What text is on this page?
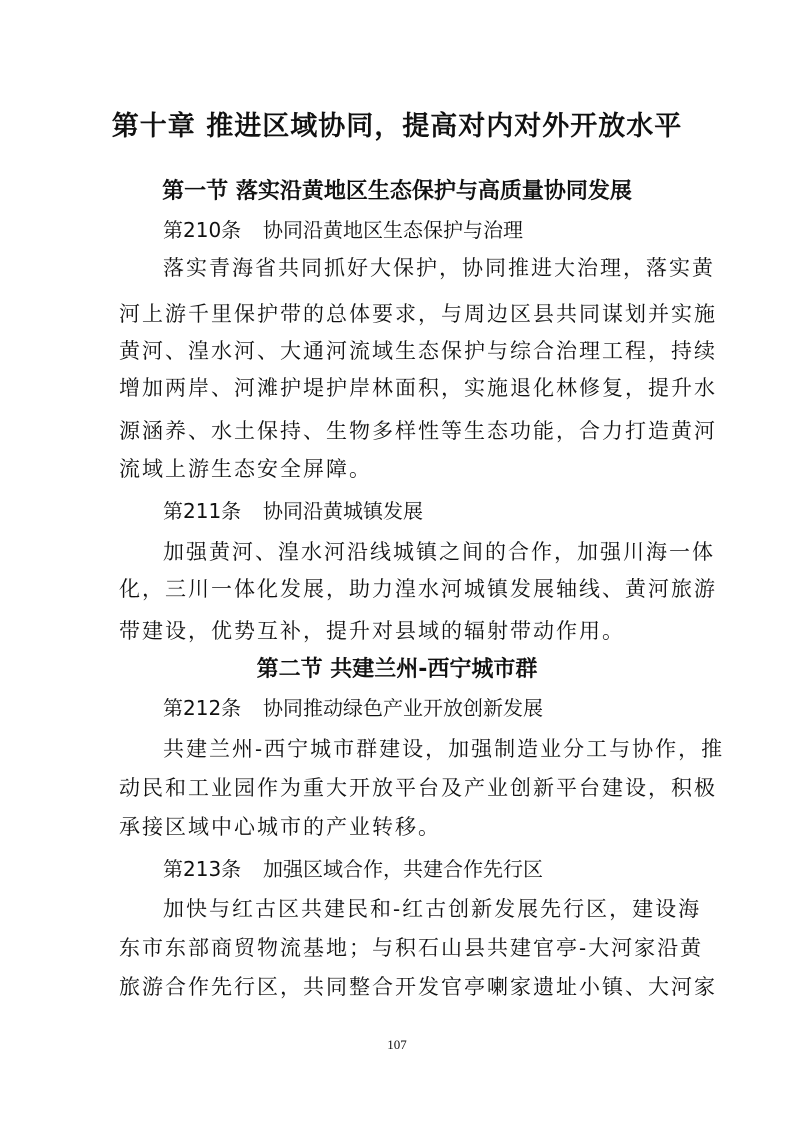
第十章 推进区域协同，提高对内对外开放水平
第一节 落实沿黄地区生态保护与高质量协同发展
第210条 协同沿黄地区生态保护与治理
落实青海省共同抓好大保护，协同推进大治理，落实黄
河上游千里保护带的总体要求，与周边区县共同谋划并实施
黄河、湟水河、大通河流域生态保护与综合治理工程，持续
增加两岸、河滩护堤护岸林面积，实施退化林修复，提升水
源涵养、水土保持、生物多样性等生态功能，合力打造黄河
流域上游生态安全屏障。
第211条 协同沿黄城镇发展
加强黄河、湟水河沿线城镇之间的合作，加强川海一体
化，三川一体化发展，助力湟水河城镇发展轴线、黄河旅游
带建设，优势互补，提升对县域的辐射带动作用。
第二节 共建兰州-西宁城市群
第212条 协同推动绿色产业开放创新发展
共建兰州-西宁城市群建设，加强制造业分工与协作，推
动民和工业园作为重大开放平台及产业创新平台建设，积极
承接区域中心城市的产业转移。
第213条 加强区域合作，共建合作先行区
加快与红古区共建民和-红古创新发展先行区，建设海
东市东部商贸物流基地；与积石山县共建官亭-大河家沿黄
旅游合作先行区，共同整合开发官亭喇家遗址小镇、大河家
107
